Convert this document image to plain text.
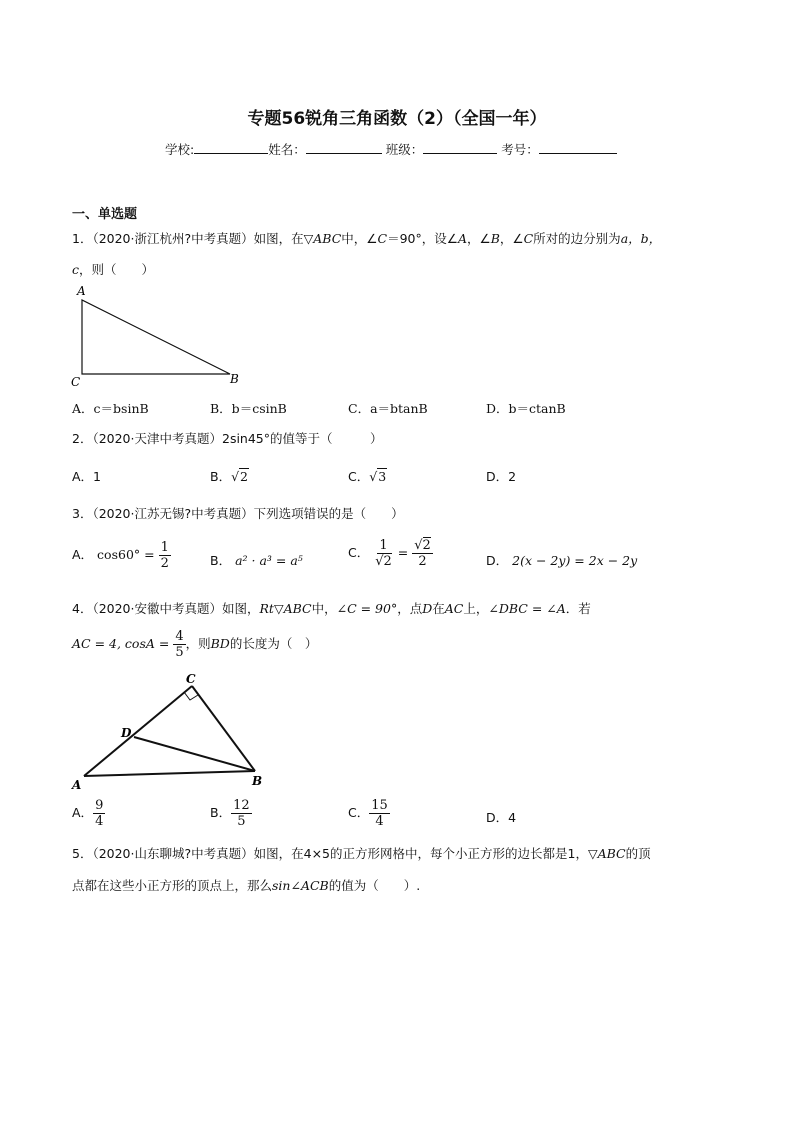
专题56锐角三角函数（2）（全国一年）
学校:	姓名：	班级：	考号：
一、单选题
1．（2020·浙江杭州?中考真题）如图，在▽ABC中，∠C＝90°，设∠A，∠B，∠C所对的边分别为a，b，
c，则（　　）
A
C	B
A．c＝bsinB	B．b＝csinB	C．a＝btanB	D．b＝ctanB
2．（2020·天津中考真题）2sin45°的值等于（　　　）
A．1	B．√2	C．√3	D．2
3．（2020·江苏无锡?中考真题）下列选项错误的是（　　）
A． $\cos 60^\circ = \frac{1}{2}$	B． a² · a³ = a⁵
C． $\frac{1}{√2} = \frac{√2}{2}$	D． 2(x − 2y) = 2x − 2y
4．（2020·安徽中考真题）如图，Rt▽ABC中，∠C = 90°，点D在AC上，∠DBC = ∠A．若
AC = 4, $\cos A = \frac{4}{5}$ ，则BD的长度为（　）
C
D
A	B
A． $\frac{9}{4}$	B． $\frac{12}{5}$	C． $\frac{15}{4}$	D．4
5．（2020·山东聊城?中考真题）如图，在4×5的正方形网格中，每个小正方形的边长都是1，▽ABC的顶
点都在这些小正方形的顶点上，那么sin∠ACB的值为（　　）.
